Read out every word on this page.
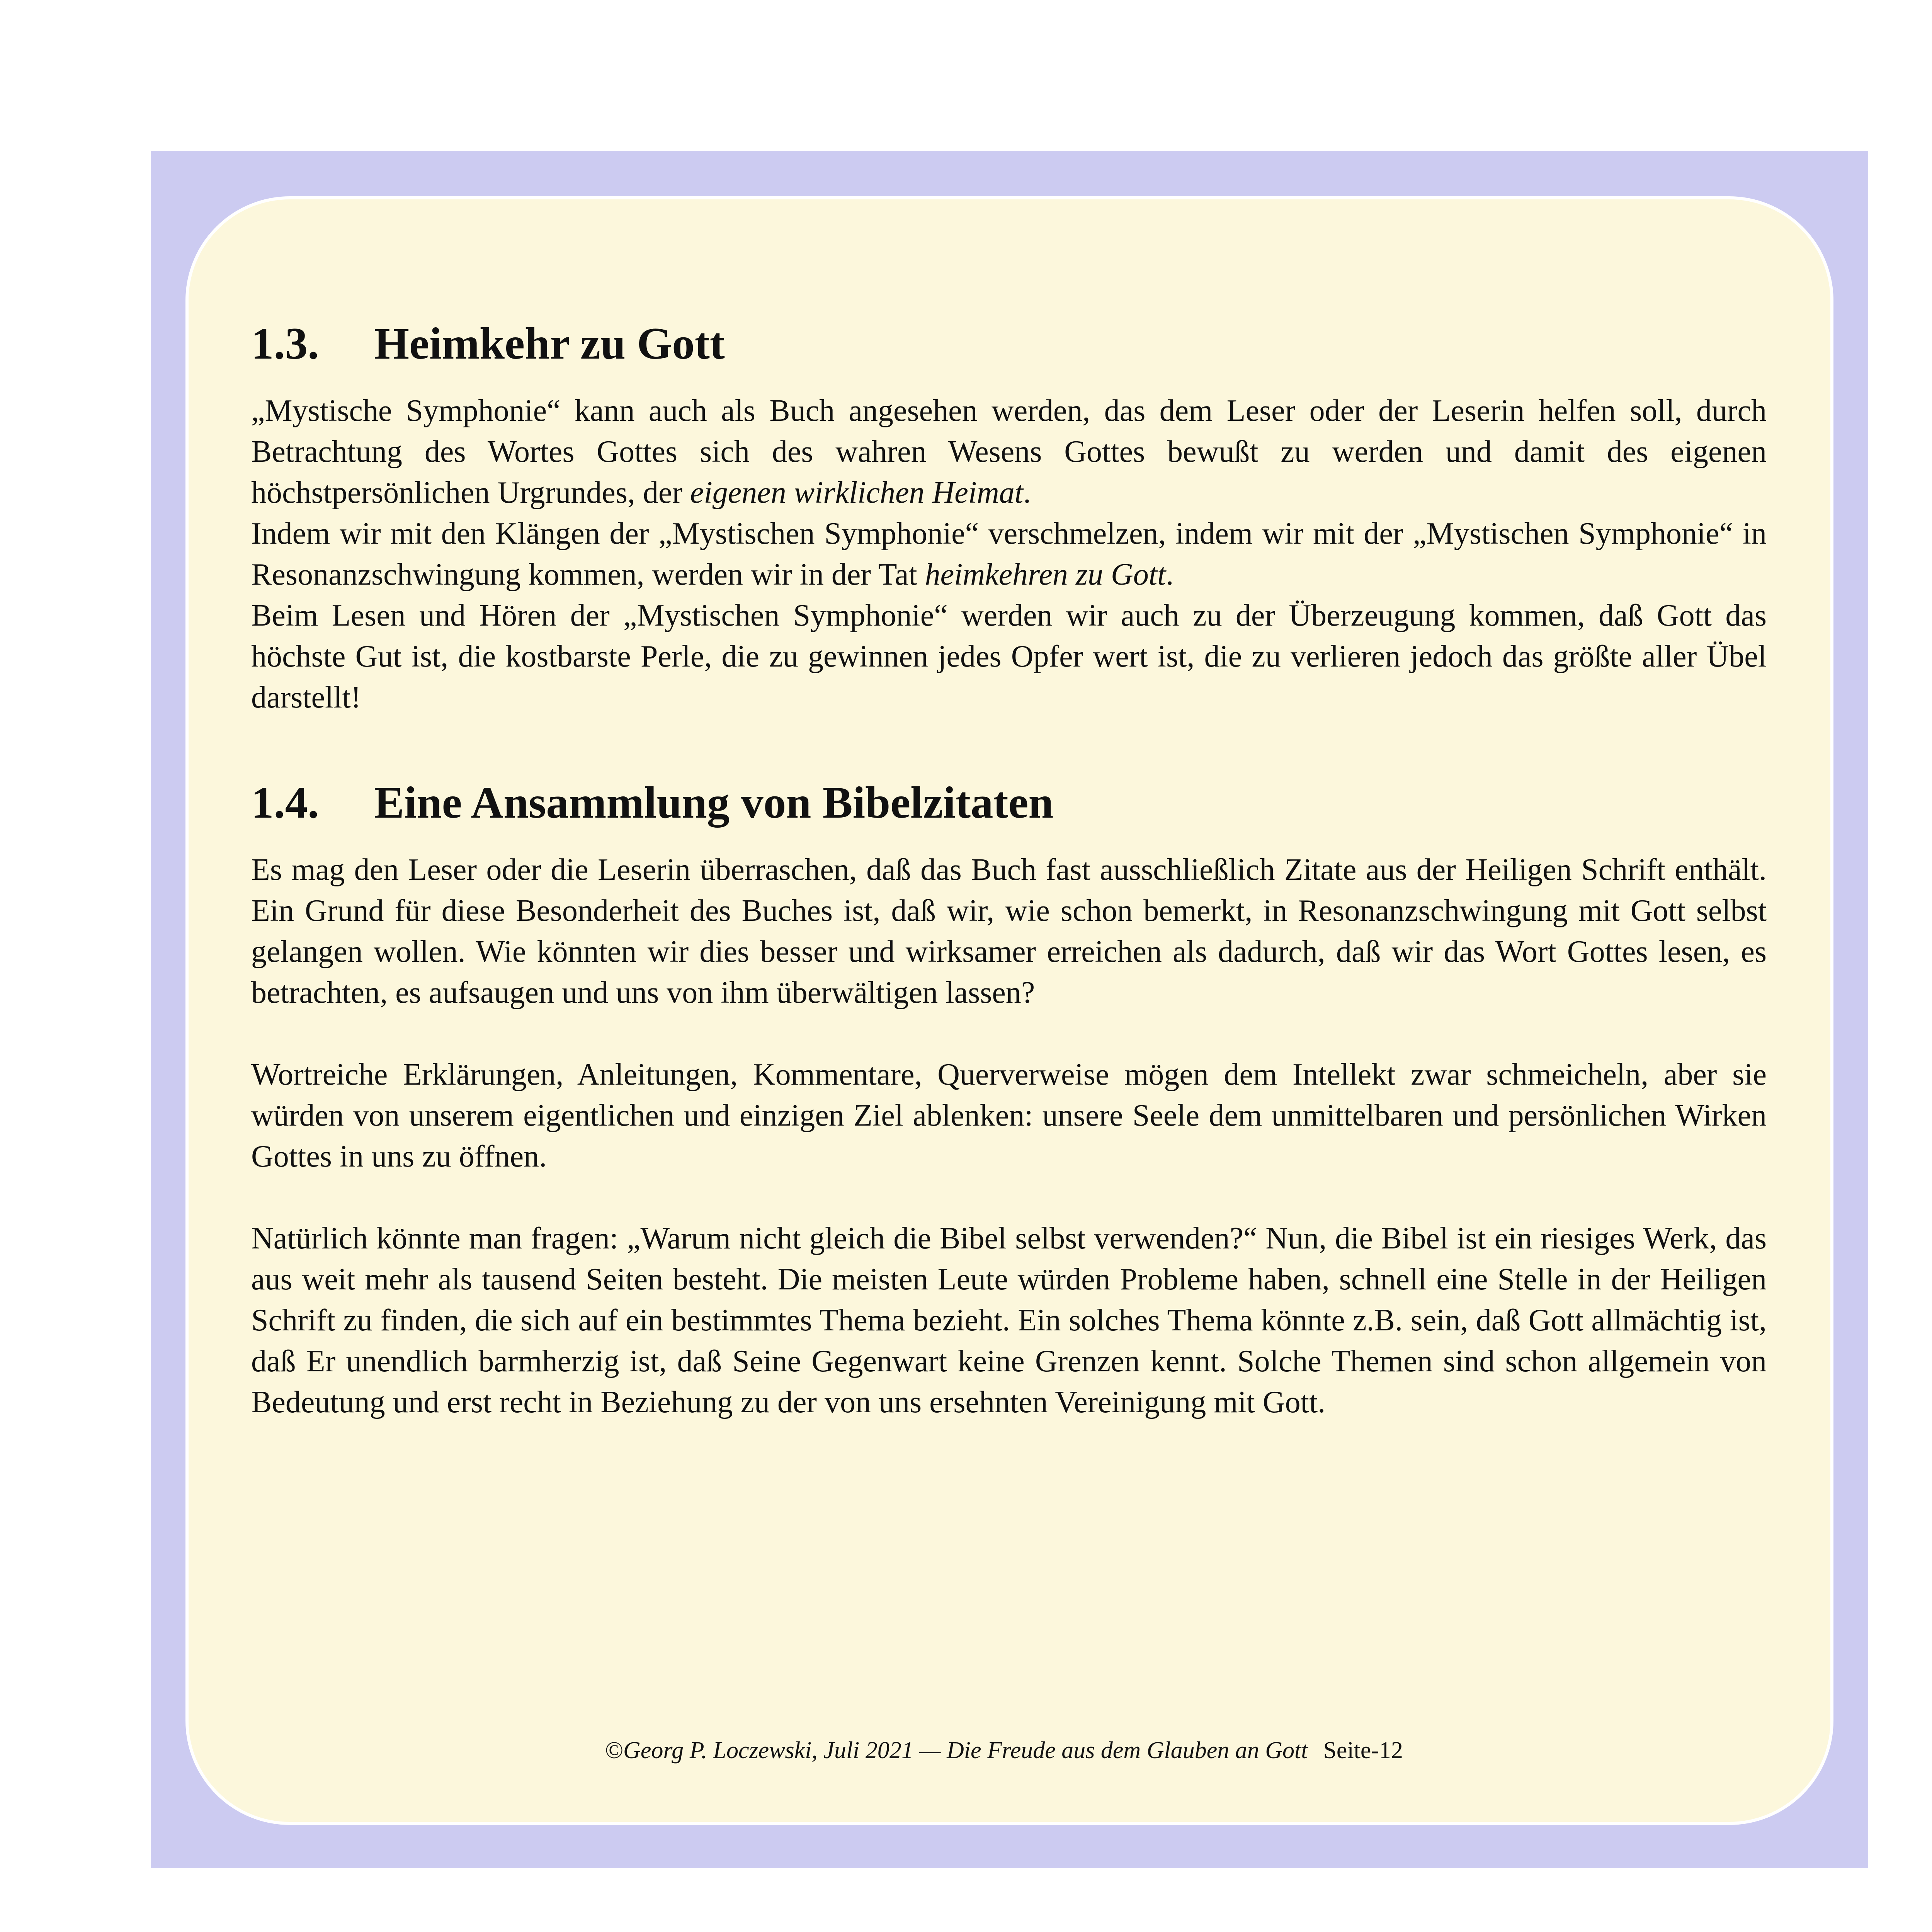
1.3.	Heimkehr zu Gott

„Mystische Symphonie“ kann auch als Buch angesehen werden, das dem Leser oder der Leserin helfen soll, durch Betrachtung des Wortes Gottes sich des wahren Wesens Gottes bewußt zu werden und damit des eigenen höchstpersönlichen Urgrundes, der eigenen wirklichen Heimat.

Indem wir mit den Klängen der „Mystischen Symphonie“ verschmelzen, indem wir mit der „Mystischen Symphonie“ in Resonanzschwingung kommen, werden wir in der Tat heimkehren zu Gott.

Beim Lesen und Hören der „Mystischen Symphonie“ werden wir auch zu der Überzeugung kommen, daß Gott das höchste Gut ist, die kostbarste Perle, die zu gewinnen jedes Opfer wert ist, die zu verlieren jedoch das größte aller Übel darstellt!

1.4.	Eine Ansammlung von Bibelzitaten

Es mag den Leser oder die Leserin überraschen, daß das Buch fast ausschließlich Zitate aus der Heiligen Schrift enthält. Ein Grund für diese Besonderheit des Buches ist, daß wir, wie schon bemerkt, in Resonanzschwingung mit Gott selbst gelangen wollen. Wie könnten wir dies besser und wirksamer erreichen als dadurch, daß wir das Wort Gottes lesen, es betrachten, es aufsaugen und uns von ihm überwältigen lassen?

Wortreiche Erklärungen, Anleitungen, Kommentare, Querverweise mögen dem Intellekt zwar schmeicheln, aber sie würden von unserem eigentlichen und einzigen Ziel ablenken: unsere Seele dem unmittelbaren und persönlichen Wirken Gottes in uns zu öffnen.

Natürlich könnte man fragen: „Warum nicht gleich die Bibel selbst verwenden?“ Nun, die Bibel ist ein riesiges Werk, das aus weit mehr als tausend Seiten besteht. Die meisten Leute würden Probleme haben, schnell eine Stelle in der Heiligen Schrift zu finden, die sich auf ein bestimmtes Thema bezieht. Ein solches Thema könnte z.B. sein, daß Gott allmächtig ist, daß Er unendlich barmherzig ist, daß Seine Gegenwart keine Grenzen kennt. Solche Themen sind schon allgemein von Bedeutung und erst recht in Beziehung zu der von uns ersehnten Vereinigung mit Gott.

©Georg P. Loczewski, Juli 2021 — Die Freude aus dem Glauben an Gott Seite-12
